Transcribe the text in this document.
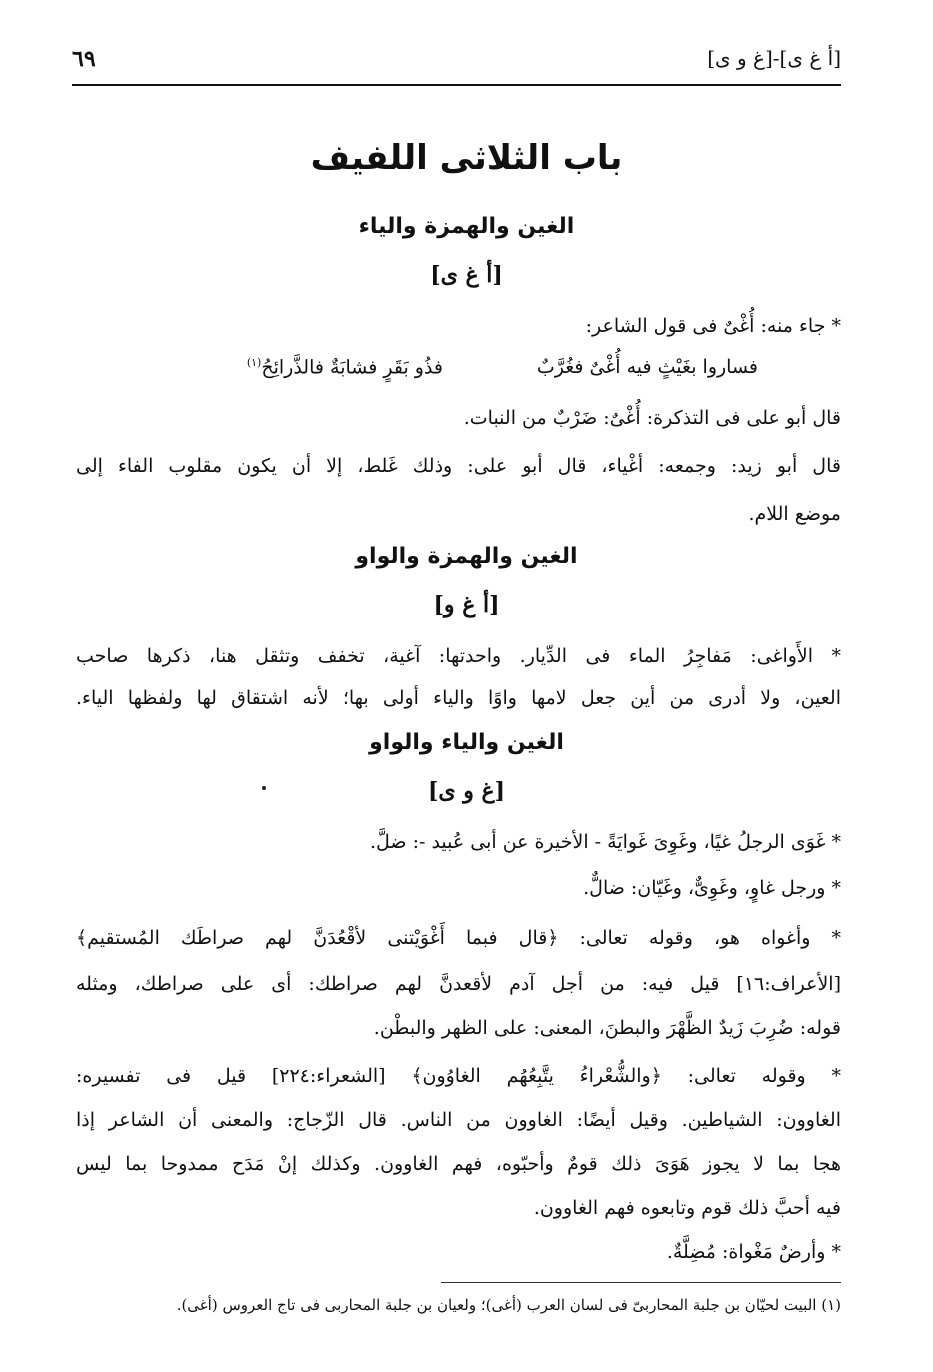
[أ غ ى]-[غ و ى]
٦٩
باب الثلاثى اللفيف
الغين والهمزة والياء
[أ غ ى]
* جاء منه: أُغْىٌ فى قول الشاعر:
فساروا بغَيْثٍ فيه أُغْىٌ فغُرَّبٌ
فذُو بَقَرٍ فشابَةٌ فالذَّرائِحُ$^{(١)}$
قال أبو على فى التذكرة: أُغْىٌ: ضَرْبٌ من النبات.
قال أبو زيد: وجمعه: أغْياء، قال أبو على: وذلك غَلط، إلا أن يكون مقلوب الفاء إلى
موضع اللام.
الغين والهمزة والواو
[أ غ و]
* الأَواغى: مَفاجِرُ الماء فى الدِّيار. واحدتها: آغية، تخفف وتثقل هنا، ذكرها صاحب
العين، ولا أدرى من أين جعل لامها واوًا والياء أولى بها؛ لأنه اشتقاق لها ولفظها الياء.
الغين والياء والواو
[غ و ى]
* غَوَى الرجلُ غيًا، وغَوِىَ غَوايَةً - الأخيرة عن أبى عُبيد -: ضلَّ.
* ورجل غاوٍ، وغَوِىٌّ، وغَيّان: ضالٌّ.
* وأغواه هو، وقوله تعالى: ﴿قال فبما أَغْوَيْتنى لأقْعُدَنَّ لهم صراطَك المُستقيم﴾
[الأعراف:١٦] قيل فيه: من أجل آدم لأقعدنَّ لهم صراطك: أى على صراطك، ومثله
قوله: ضُرِبَ زَيدٌ الظَّهْرَ والبطنَ، المعنى: على الظهر والبطْن.
* وقوله تعالى: ﴿والشُّعْراءُ يتَّبِعُهُم الغاوُون﴾ [الشعراء:٢٢٤] قيل فى تفسيره:
الغاوون: الشياطين. وقيل أيضًا: الغاوون من الناس. قال الزّجاج: والمعنى أن الشاعر إذا
هجا بما لا يجوز هَوَىَ ذلك قومٌ وأحبّوه، فهم الغاوون. وكذلك إنْ مَدَح ممدوحا بما ليس
فيه أحبَّ ذلك قوم وتابعوه فهم الغاوون.
* وأرضٌ مَغْواة: مُضِلَّةٌ.
(١) البيت لحيّان بن جلبة المحاربىّ فى لسان العرب (أغى)؛ ولعيان بن جلبة المحاربى فى تاج العروس (أغى).
